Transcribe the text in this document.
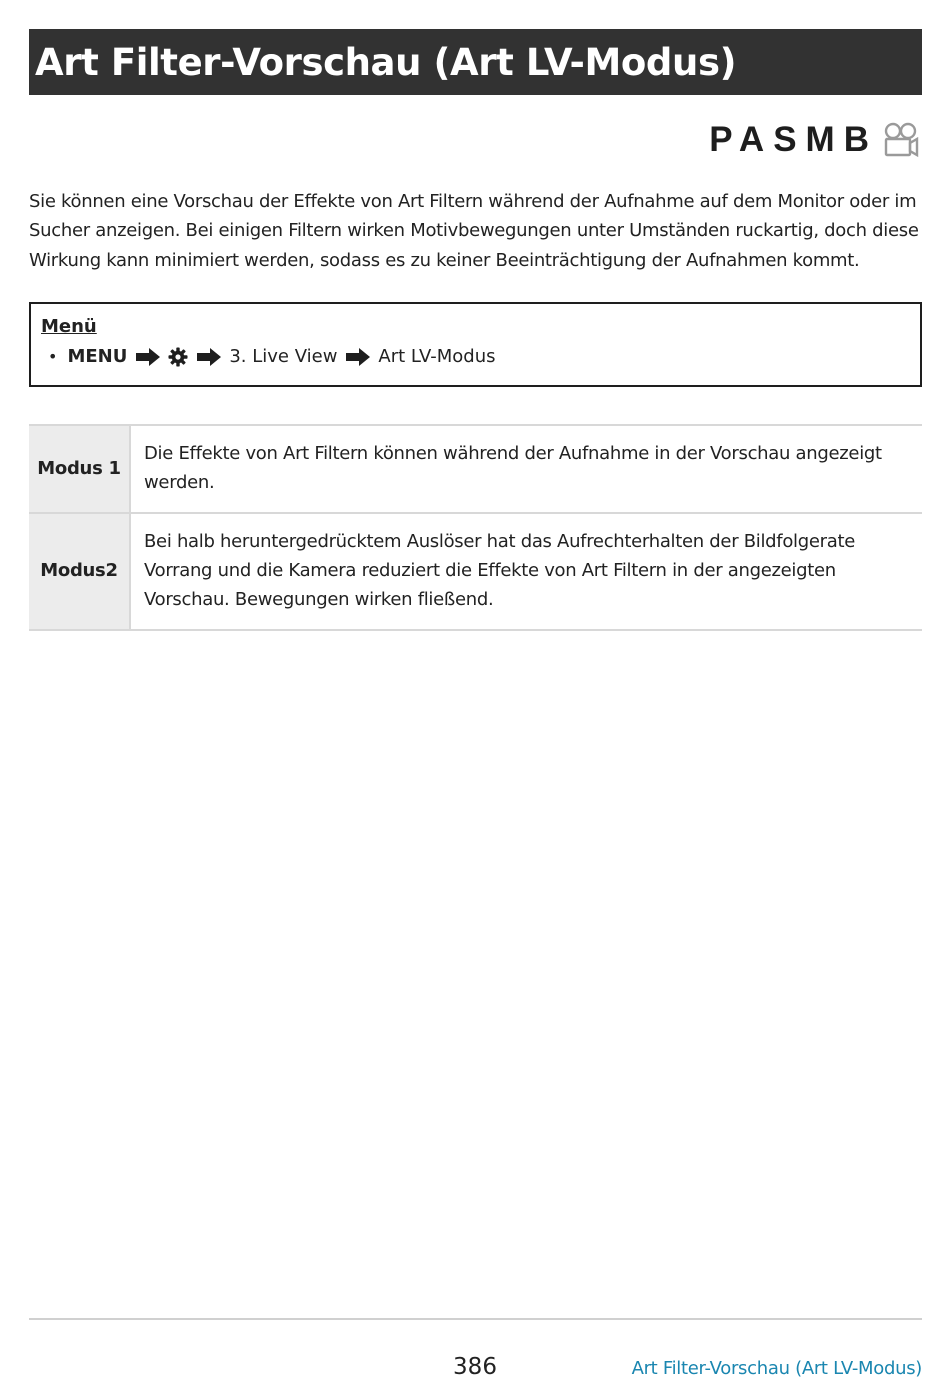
Art Filter-Vorschau (Art LV-Modus)
PASMB

Sie können eine Vorschau der Effekte von Art Filtern während der Aufnahme auf dem Monitor oder im Sucher anzeigen. Bei einigen Filtern wirken Motivbewegungen unter Umständen ruckartig, doch diese Wirkung kann minimiert werden, sodass es zu keiner Beeinträchtigung der Aufnahmen kommt.

Menü
• MENU	3. Live View Art LV-Modus
Modus 1	Die Effekte von Art Filtern können während der Aufnahme in der Vorschau angezeigt werden.
Modus2	Bei halb heruntergedrücktem Auslöser hat das Aufrechterhalten der Bildfolgerate Vorrang und die Kamera reduziert die Effekte von Art Filtern in der angezeigten Vorschau. Bewegungen wirken fließend.
386	Art Filter-Vorschau (Art LV-Modus)
